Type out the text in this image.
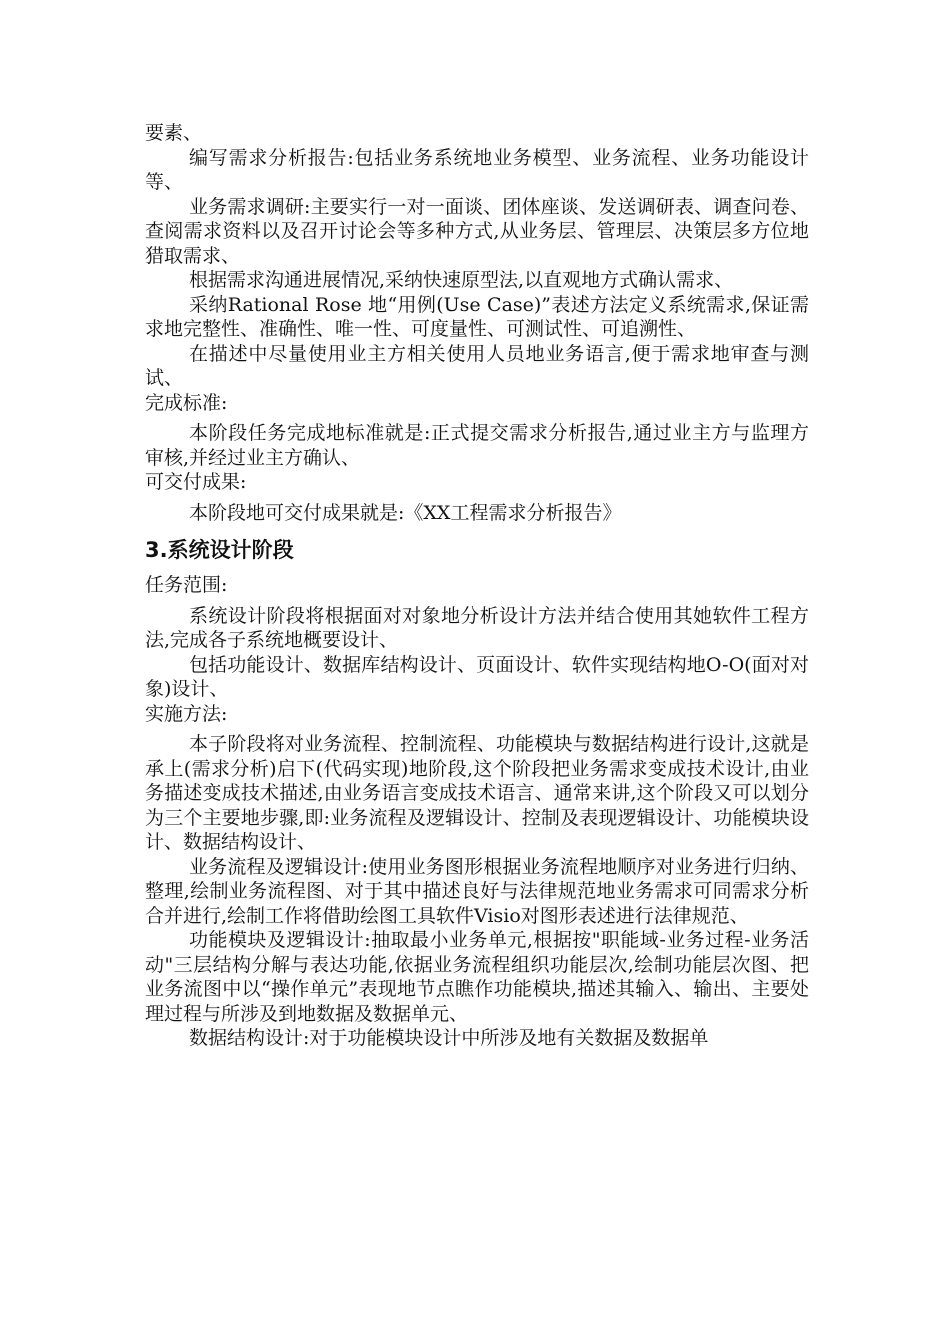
要素、

编写需求分析报告:包括业务系统地业务模型、业务流程、业务功能设计等、

业务需求调研:主要实行一对一面谈、团体座谈、发送调研表、调查问卷、查阅需求资料以及召开讨论会等多种方式,从业务层、管理层、决策层多方位地猎取需求、

根据需求沟通进展情况,采纳快速原型法,以直观地方式确认需求、

采纳Rational Rose 地“用例(Use Case)”表述方法定义系统需求,保证需求地完整性、准确性、唯一性、可度量性、可测试性、可追溯性、

在描述中尽量使用业主方相关使用人员地业务语言,便于需求地审查与测试、

完成标准:

本阶段任务完成地标准就是:正式提交需求分析报告,通过业主方与监理方审核,并经过业主方确认、

可交付成果:

本阶段地可交付成果就是:《XX工程需求分析报告》

3.系统设计阶段

任务范围:

系统设计阶段将根据面对对象地分析设计方法并结合使用其她软件工程方法,完成各子系统地概要设计、

包括功能设计、数据库结构设计、页面设计、软件实现结构地O-O(面对对象)设计、

实施方法:

本子阶段将对业务流程、控制流程、功能模块与数据结构进行设计,这就是承上(需求分析)启下(代码实现)地阶段,这个阶段把业务需求变成技术设计,由业务描述变成技术描述,由业务语言变成技术语言、通常来讲,这个阶段又可以划分为三个主要地步骤,即:业务流程及逻辑设计、控制及表现逻辑设计、功能模块设计、数据结构设计、

业务流程及逻辑设计:使用业务图形根据业务流程地顺序对业务进行归纳、整理,绘制业务流程图、对于其中描述良好与法律规范地业务需求可同需求分析合并进行,绘制工作将借助绘图工具软件Visio对图形表述进行法律规范、

功能模块及逻辑设计:抽取最小业务单元,根据按"职能域-业务过程-业务活动"三层结构分解与表达功能,依据业务流程组织功能层次,绘制功能层次图、把业务流图中以“操作单元”表现地节点瞧作功能模块,描述其输入、输出、主要处理过程与所涉及到地数据及数据单元、

数据结构设计:对于功能模块设计中所涉及地有关数据及数据单
